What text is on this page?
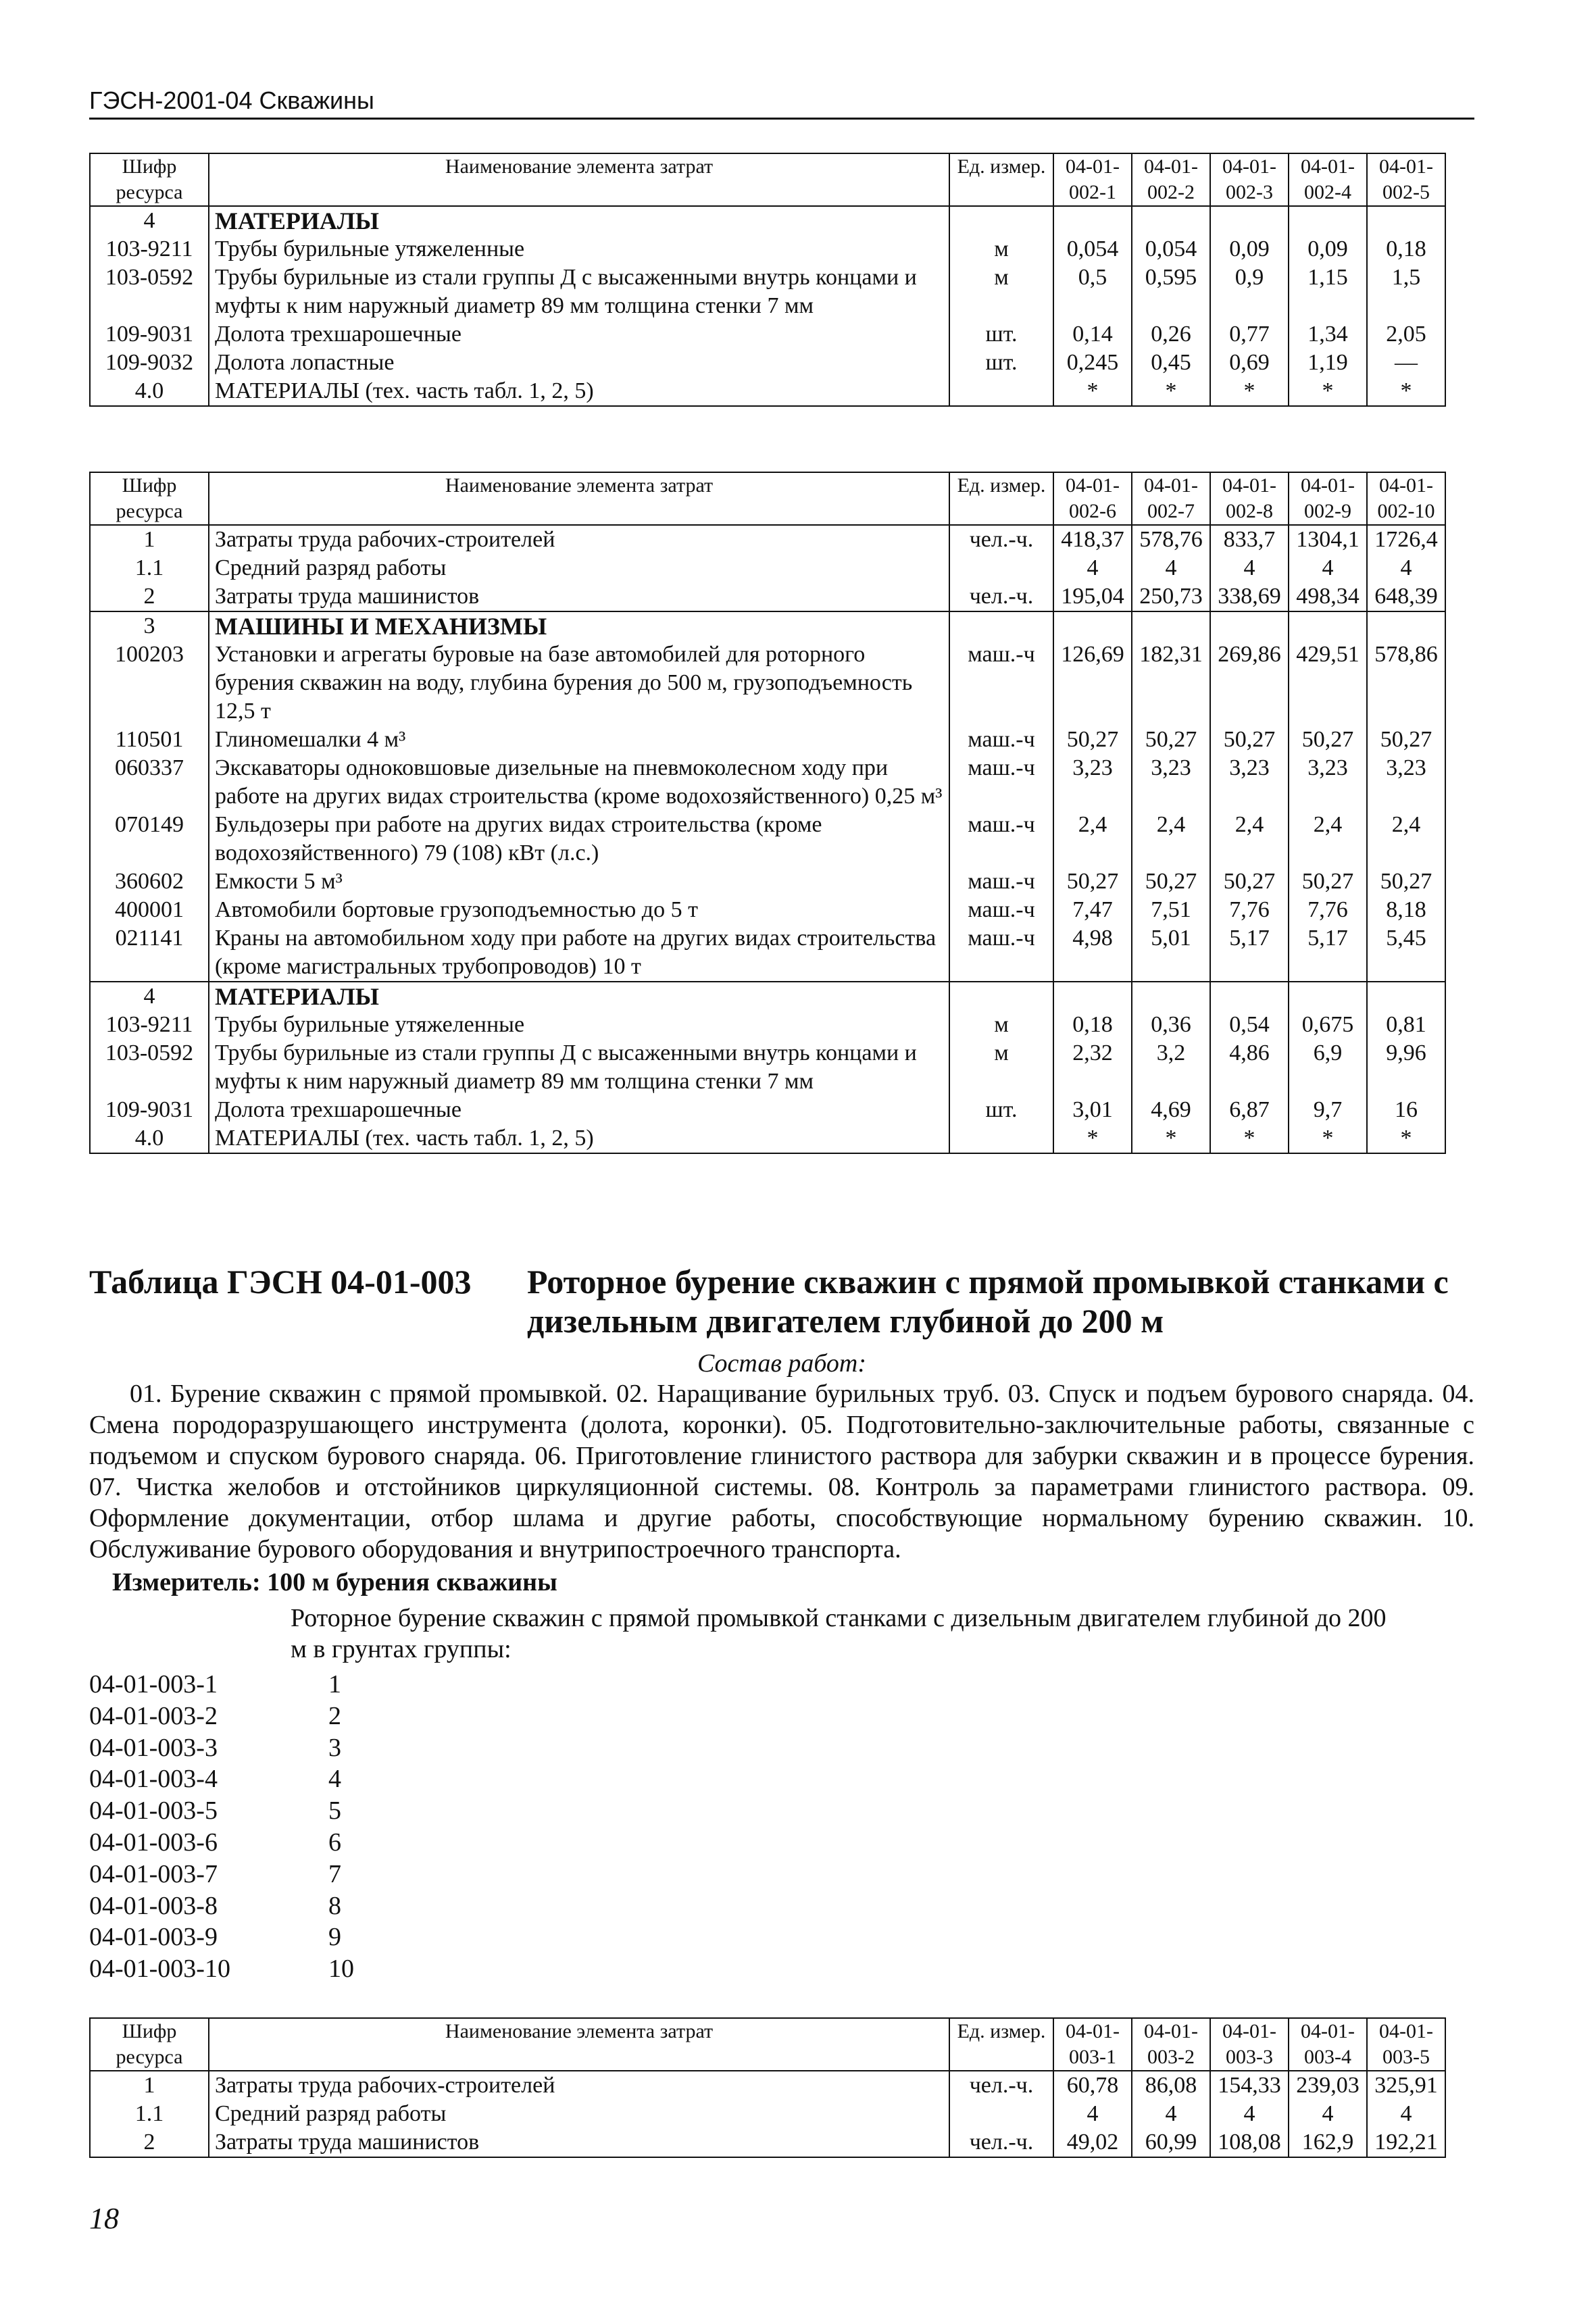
ГЭСН-2001-04 Скважины
Шифр ресурса	Наименование элемента затрат	Ед. измер.	04-01-002-1	04-01-002-2	04-01-002-3	04-01-002-4	04-01-002-5
4	МАТЕРИАЛЫ						
103-9211	Трубы бурильные утяжеленные	м	0,054	0,054	0,09	0,09	0,18
103-0592	Трубы бурильные из стали группы Д с высаженными внутрь концами и муфты к ним наружный диаметр 89 мм толщина стенки 7 мм	м	0,5	0,595	0,9	1,15	1,5
109-9031	Долота трехшарошечные	шт.	0,14	0,26	0,77	1,34	2,05
109-9032	Долота лопастные	шт.	0,245	0,45	0,69	1,19	—
4.0	МАТЕРИАЛЫ (тех. часть табл. 1, 2, 5)		*	*	*	*	*
Шифр ресурса	Наименование элемента затрат	Ед. измер.	04-01-002-6	04-01-002-7	04-01-002-8	04-01-002-9	04-01-002-10
1	Затраты труда рабочих-строителей	чел.-ч.	418,37	578,76	833,7	1304,1	1726,4
1.1	Средний разряд работы		4	4	4	4	4
2	Затраты труда машинистов	чел.-ч.	195,04	250,73	338,69	498,34	648,39
3	МАШИНЫ И МЕХАНИЗМЫ						
100203	Установки и агрегаты буровые на базе автомобилей для роторного бурения скважин на воду, глубина бурения до 500 м, грузоподъемность 12,5 т	маш.-ч	126,69	182,31	269,86	429,51	578,86
110501	Глиномешалки 4 м³	маш.-ч	50,27	50,27	50,27	50,27	50,27
060337	Экскаваторы одноковшовые дизельные на пневмоколесном ходу при работе на других видах строительства (кроме водохозяйственного) 0,25 м³	маш.-ч	3,23	3,23	3,23	3,23	3,23
070149	Бульдозеры при работе на других видах строительства (кроме водохозяйственного) 79 (108) кВт (л.с.)	маш.-ч	2,4	2,4	2,4	2,4	2,4
360602	Емкости 5 м³	маш.-ч	50,27	50,27	50,27	50,27	50,27
400001	Автомобили бортовые грузоподъемностью до 5 т	маш.-ч	7,47	7,51	7,76	7,76	8,18
021141	Краны на автомобильном ходу при работе на других видах строительства (кроме магистральных трубопроводов) 10 т	маш.-ч	4,98	5,01	5,17	5,17	5,45
4	МАТЕРИАЛЫ						
103-9211	Трубы бурильные утяжеленные	м	0,18	0,36	0,54	0,675	0,81
103-0592	Трубы бурильные из стали группы Д с высаженными внутрь концами и муфты к ним наружный диаметр 89 мм толщина стенки 7 мм	м	2,32	3,2	4,86	6,9	9,96
109-9031	Долота трехшарошечные	шт.	3,01	4,69	6,87	9,7	16
4.0	МАТЕРИАЛЫ (тех. часть табл. 1, 2, 5)		*	*	*	*	*
Таблица ГЭСН 04-01-003 Роторное бурение скважин с прямой промывкой станками с дизельным двигателем глубиной до 200 м
Состав работ:

01. Бурение скважин с прямой промывкой. 02. Наращивание бурильных труб. 03. Спуск и подъем бурового снаряда. 04. Смена породоразрушающего инструмента (долота, коронки). 05. Подготовительно-заключительные работы, связанные с подъемом и спуском бурового снаряда. 06. Приготовление глинистого раствора для забурки скважин и в процессе бурения. 07. Чистка желобов и отстойников циркуляционной системы. 08. Контроль за параметрами глинистого раствора. 09. Оформление документации, отбор шлама и другие работы, способствующие нормальному бурению скважин. 10. Обслуживание бурового оборудования и внутрипостроечного транспорта.

Измеритель: 100 м бурения скважины

Роторное бурение скважин с прямой промывкой станками с дизельным двигателем глубиной до 200 м в грунтах группы:

04-01-003-1	1
04-01-003-2	2
04-01-003-3	3
04-01-003-4	4
04-01-003-5	5
04-01-003-6	6
04-01-003-7	7
04-01-003-8	8
04-01-003-9	9
04-01-003-10	10
Шифр ресурса	Наименование элемента затрат	Ед. измер.	04-01-003-1	04-01-003-2	04-01-003-3	04-01-003-4	04-01-003-5
1	Затраты труда рабочих-строителей	чел.-ч.	60,78	86,08	154,33	239,03	325,91
1.1	Средний разряд работы		4	4	4	4	4
2	Затраты труда машинистов	чел.-ч.	49,02	60,99	108,08	162,9	192,21
18
